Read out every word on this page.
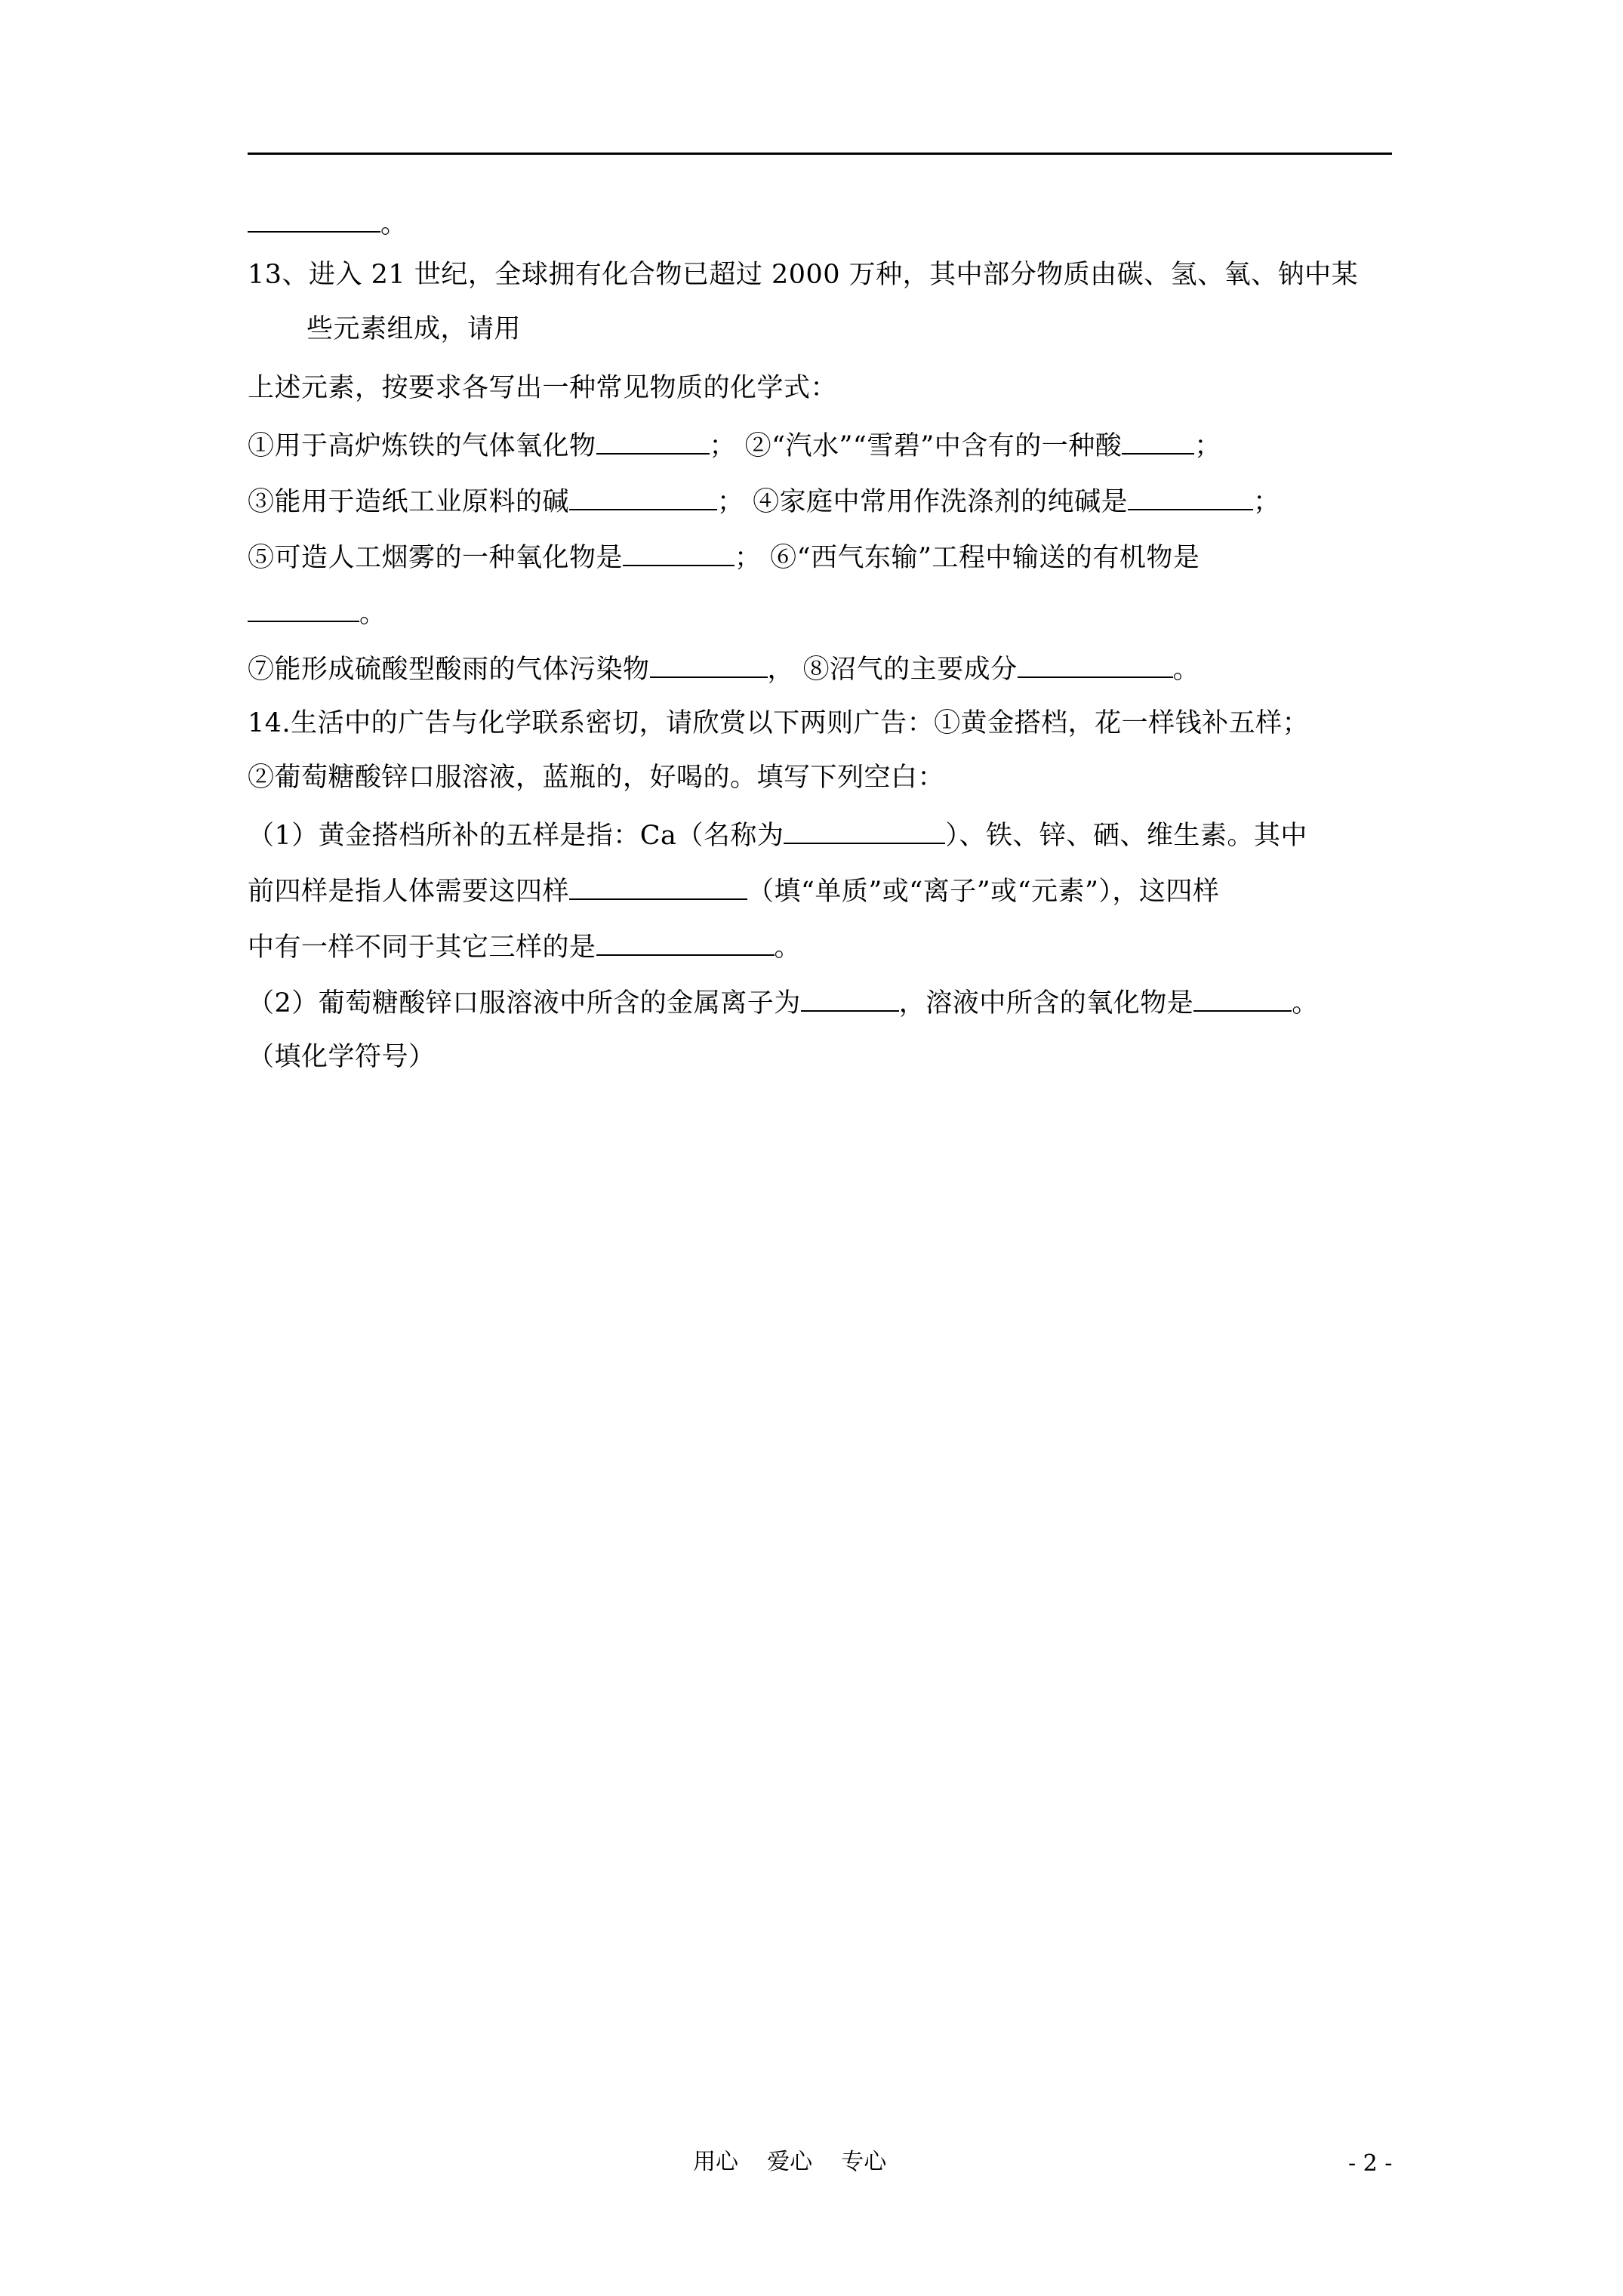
。
13、进入 21 世纪，全球拥有化合物已超过 2000 万种，其中部分物质由碳、氢、氧、钠中某
些元素组成，请用
上述元素，按要求各写出一种常见物质的化学式：
①用于高炉炼铁的气体氧化物	； ②“汽水”“雪碧”中含有的一种酸	；
③能用于造纸工业原料的碱	； ④家庭中常用作洗涤剂的纯碱是	；
⑤可造人工烟雾的一种氧化物是	； ⑥“西气东输”工程中输送的有机物是
。
⑦能形成硫酸型酸雨的气体污染物	， ⑧沼气的主要成分	。
14.生活中的广告与化学联系密切，请欣赏以下两则广告：①黄金搭档，花一样钱补五样；
②葡萄糖酸锌口服溶液，蓝瓶的，好喝的。填写下列空白：
（1）黄金搭档所补的五样是指：Ca（名称为	）、铁、锌、硒、维生素。其中
前四样是指人体需要这四样	（填“单质”或“离子”或“元素”），这四样
中有一样不同于其它三样的是	。
（2）葡萄糖酸锌口服溶液中所含的金属离子为	，溶液中所含的氧化物是	。
（填化学符号）
用心    爱心    专心	- 2 -
